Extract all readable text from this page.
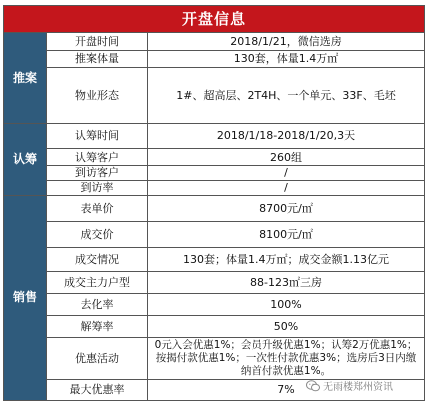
开盘信息		
推案	开盘时间	2018/1/21，微信选房
	推案体量	130套，体量1.4万㎡
	物业形态	1#、超高层、2T4H、一个单元、33F、毛坯
认筹	认筹时间	2018/1/18-2018/1/20,3天
	认筹客户	260组
	到访客户	/
	到访率	/
销售	表单价	8700元/㎡
	成交价	8100元/㎡
	成交情况	130套；体量1.4万㎡；成交金额1.13亿元
	成交主力户型	88-123㎡三房
	去化率	100%
	解筹率	50%
	优惠活动	0元入会优惠1%；会员升级优惠1%；认筹2万优惠1%；
按揭付款优惠1%；一次性付款优惠3%；选房后3日内缴
纳首付款优惠1%。

	最大优惠率	7%	无雨楼郑州资讯
